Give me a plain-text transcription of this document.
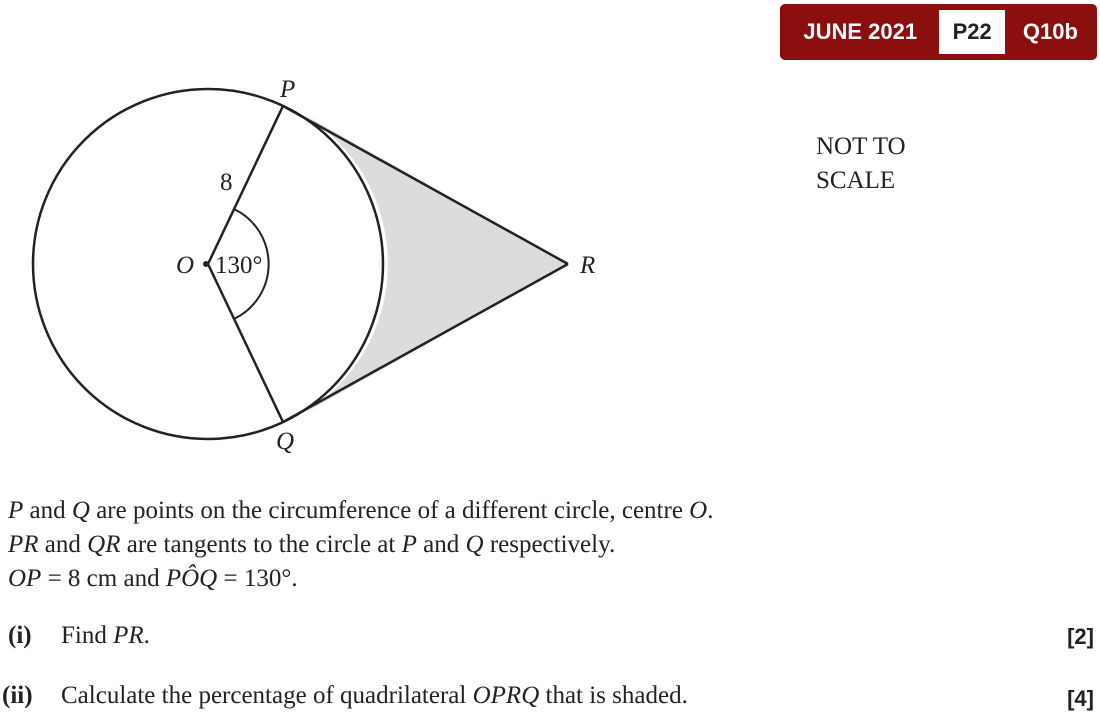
JUNE 2021	P22	Q10b
P
Q
O	R
8
130°
NOT TO
SCALE
P and Q are points on the circumference of a different circle, centre O.
PR and QR are tangents to the circle at P and Q respectively.
OP = 8 cm and PÔQ = 130°.
(i) Find PR.	[2]
(ii) Calculate the percentage of quadrilateral OPRQ that is shaded.	[4]
